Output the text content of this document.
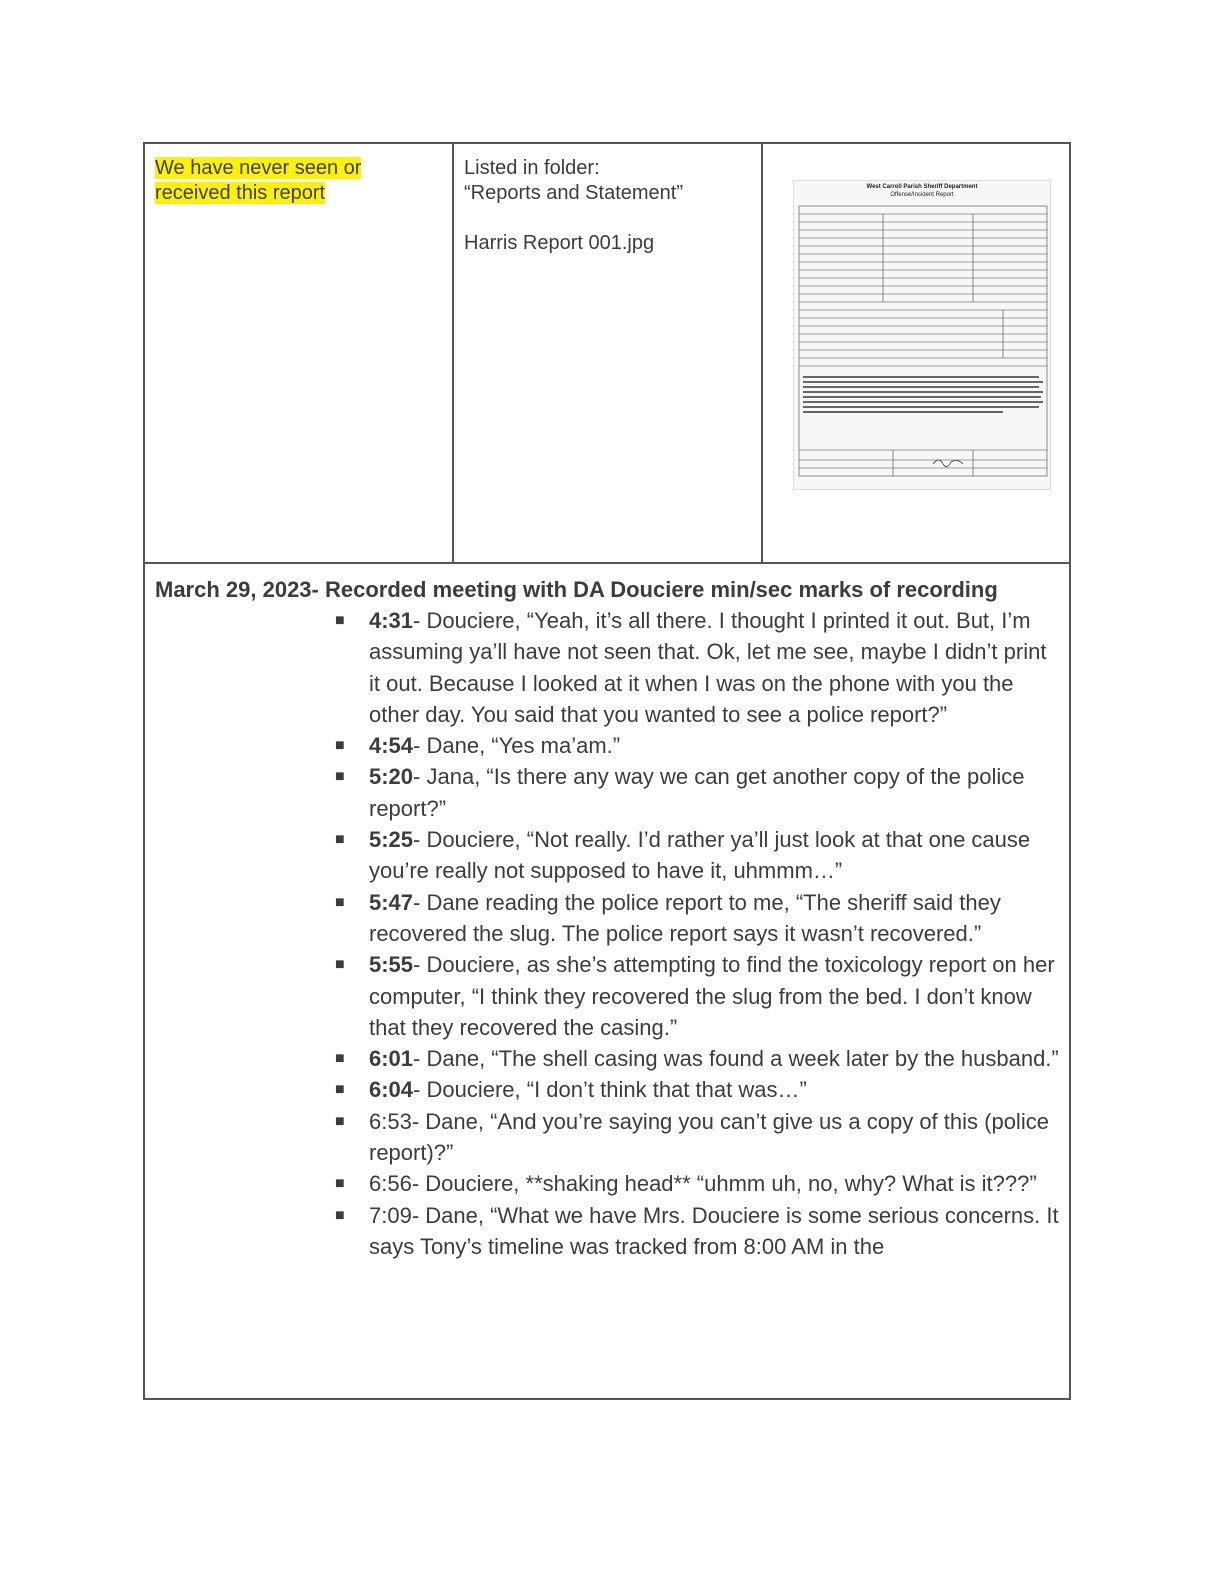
We have never seen or received this report
Listed in folder:
“Reports and Statement”
Harris Report 001.jpg
West Carroll Parish Sheriff Department
Offense/Incident Report

March 29, 2023- Recorded meeting with DA Douciere min/sec marks of recording

■ 4:31- Douciere, “Yeah, it’s all there. I thought I printed it out. But, I’m assuming ya’ll have not seen that. Ok, let me see, maybe I didn’t print it out. Because I looked at it when I was on the phone with you the other day. You said that you wanted to see a police report?”
■ 4:54- Dane, “Yes ma’am.”
■ 5:20- Jana, “Is there any way we can get another copy of the police report?”
■ 5:25- Douciere, “Not really. I’d rather ya’ll just look at that one cause you’re really not supposed to have it, uhmmm…”
■ 5:47- Dane reading the police report to me, “The sheriff said they recovered the slug. The police report says it wasn’t recovered.”
■ 5:55- Douciere, as she’s attempting to find the toxicology report on her computer, “I think they recovered the slug from the bed. I don’t know that they recovered the casing.”
■ 6:01- Dane, “The shell casing was found a week later by the husband.”
■ 6:04- Douciere, “I don’t think that that was…”
■ 6:53- Dane, “And you’re saying you can’t give us a copy of this (police report)?”
■ 6:56- Douciere, **shaking head** “uhmm uh, no, why? What is it???”
■ 7:09- Dane, “What we have Mrs. Douciere is some serious concerns. It says Tony’s timeline was tracked from 8:00 AM in the
